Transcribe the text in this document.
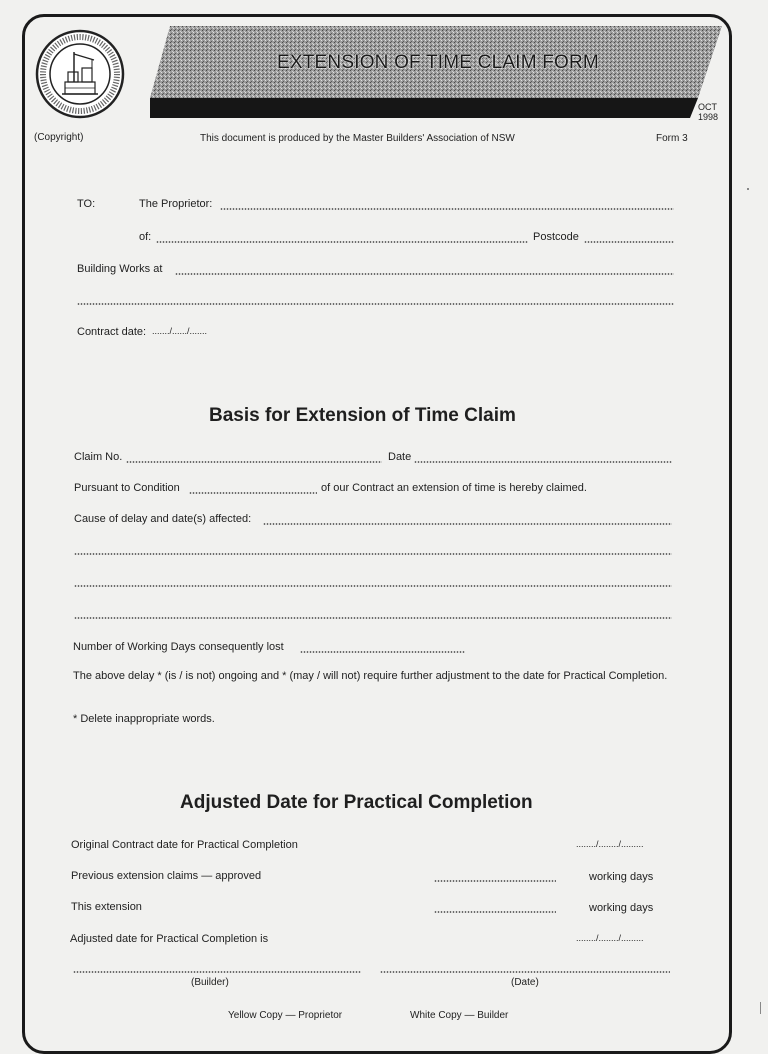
EXTENSION OF TIME CLAIM FORM
OCT
1998
(Copyright)	This document is produced by the Master Builders' Association of NSW	Form 3
TO:	The Proprietor:
of:	Postcode
Building Works at
Contract date: ......./....../.......
Basis for Extension of Time Claim
Claim No.	Date
Pursuant to Condition	of our Contract an extension of time is hereby claimed.
Cause of delay and date(s) affected:
Number of Working Days consequently lost
The above delay * (is / is not) ongoing and * (may / will not) require further adjustment to the date for Practical Completion.
* Delete inappropriate words.
Adjusted Date for Practical Completion
Original Contract date for Practical Completion	......../......../.........
Previous extension claims — approved	working days
This extension	working days
Adjusted date for Practical Completion is	......../......../.........
(Builder)	(Date)
Yellow Copy — Proprietor	White Copy — Builder
